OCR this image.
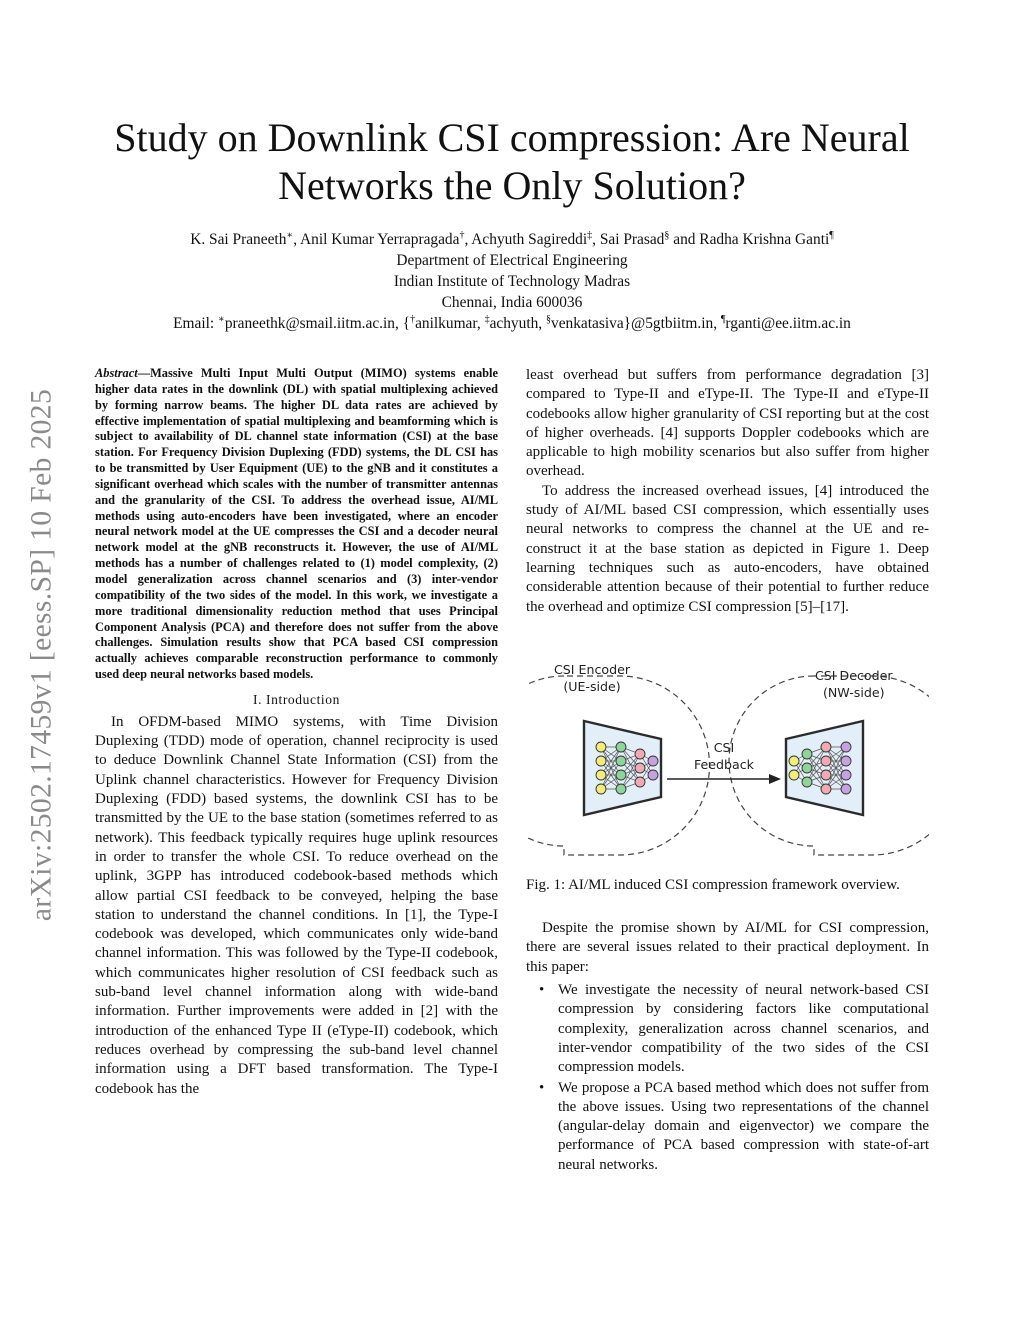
arXiv:2502.17459v1 [eess.SP] 10 Feb 2025
Study on Downlink CSI compression: Are Neural
Networks the Only Solution?
K. Sai Praneeth∗, Anil Kumar Yerrapragada†, Achyuth Sagireddi‡, Sai Prasad§ and Radha Krishna Ganti¶
Department of Electrical Engineering
Indian Institute of Technology Madras
Chennai, India 600036
Email: ∗praneethk@smail.iitm.ac.in, {†anilkumar, ‡achyuth, §venkatasiva}@5gtbiitm.in, ¶rganti@ee.iitm.ac.in

Abstract—Massive Multi Input Multi Output (MIMO) systems enable higher data rates in the downlink (DL) with spatial multiplexing achieved by forming narrow beams. The higher DL data rates are achieved by effective implementation of spatial multiplexing and beamforming which is subject to availability of DL channel state information (CSI) at the base station. For Frequency Division Duplexing (FDD) systems, the DL CSI has to be transmitted by User Equipment (UE) to the gNB and it constitutes a significant overhead which scales with the number of transmitter antennas and the granularity of the CSI. To address the overhead issue, AI/ML methods using auto-encoders have been investigated, where an encoder neural network model at the UE compresses the CSI and a decoder neural network model at the gNB reconstructs it. However, the use of AI/ML methods has a number of challenges related to (1) model complexity, (2) model generalization across channel scenarios and (3) inter-vendor compatibility of the two sides of the model. In this work, we investigate a more traditional dimensionality reduction method that uses Principal Component Analysis (PCA) and therefore does not suffer from the above challenges. Simulation results show that PCA based CSI compression actually achieves comparable reconstruction performance to commonly used deep neural networks based models.

I. Introduction

In OFDM-based MIMO systems, with Time Division Duplexing (TDD) mode of operation, channel reciprocity is used to deduce Downlink Channel State Information (CSI) from the Uplink channel characteristics. However for Frequency Division Duplexing (FDD) based systems, the downlink CSI has to be transmitted by the UE to the base station (sometimes referred to as network). This feedback typically requires huge uplink resources in order to transfer the whole CSI. To reduce overhead on the uplink, 3GPP has introduced codebook-based methods which allow partial CSI feedback to be conveyed, helping the base station to understand the channel conditions. In [1], the Type-I codebook was developed, which communicates only wide-band channel information. This was followed by the Type-II codebook, which communicates higher resolution of CSI feedback such as sub-band level channel information along with wide-band information. Further improvements were added in [2] with the introduction of the enhanced Type II (eType-II) codebook, which reduces overhead by compressing the sub-band level channel information using a DFT based transformation. The Type-I codebook has the

least overhead but suffers from performance degradation [3] compared to Type-II and eType-II. The Type-II and eType-II codebooks allow higher granularity of CSI reporting but at the cost of higher overheads. [4] supports Doppler codebooks which are applicable to high mobility scenarios but also suffer from higher overhead.

To address the increased overhead issues, [4] introduced the study of AI/ML based CSI compression, which essentially uses neural networks to compress the channel at the UE and re-construct it at the base station as depicted in Figure 1. Deep learning techniques such as auto-encoders, have obtained considerable attention because of their potential to further reduce the overhead and optimize CSI compression [5]–[17].

CSI Encoder
(UE-side)
CSI Decoder
(NW-side)
CSI
Feedback

Fig. 1: AI/ML induced CSI compression framework overview.

Despite the promise shown by AI/ML for CSI compression, there are several issues related to their practical deployment. In this paper:

• We investigate the necessity of neural network-based CSI compression by considering factors like computational complexity, generalization across channel scenarios, and inter-vendor compatibility of the two sides of the CSI compression models.
• We propose a PCA based method which does not suffer from the above issues. Using two representations of the channel (angular-delay domain and eigenvector) we compare the performance of PCA based compression with state-of-art neural networks.
